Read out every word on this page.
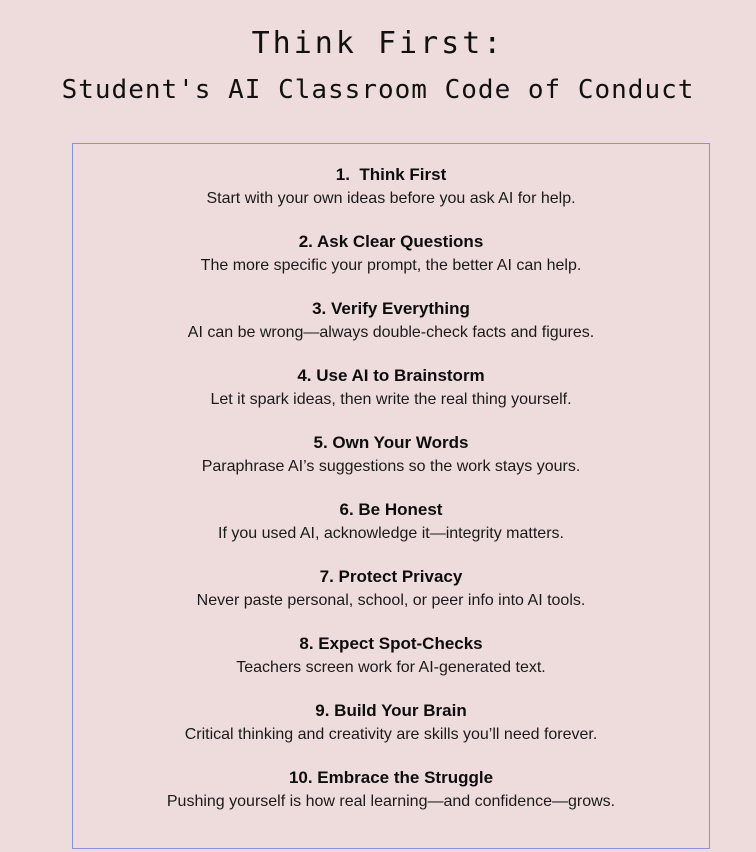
Think First:
Student's AI Classroom Code of Conduct
1.  Think First

Start with your own ideas before you ask AI for help.

2. Ask Clear Questions

The more specific your prompt, the better AI can help.

3. Verify Everything

AI can be wrong—always double-check facts and figures.

4. Use AI to Brainstorm

Let it spark ideas, then write the real thing yourself.

5. Own Your Words

Paraphrase AI’s suggestions so the work stays yours.

6. Be Honest

If you used AI, acknowledge it—integrity matters.

7. Protect Privacy

Never paste personal, school, or peer info into AI tools.

8. Expect Spot-Checks

Teachers screen work for AI-generated text.

9. Build Your Brain

Critical thinking and creativity are skills you’ll need forever.

10. Embrace the Struggle

Pushing yourself is how real learning—and confidence—grows.
